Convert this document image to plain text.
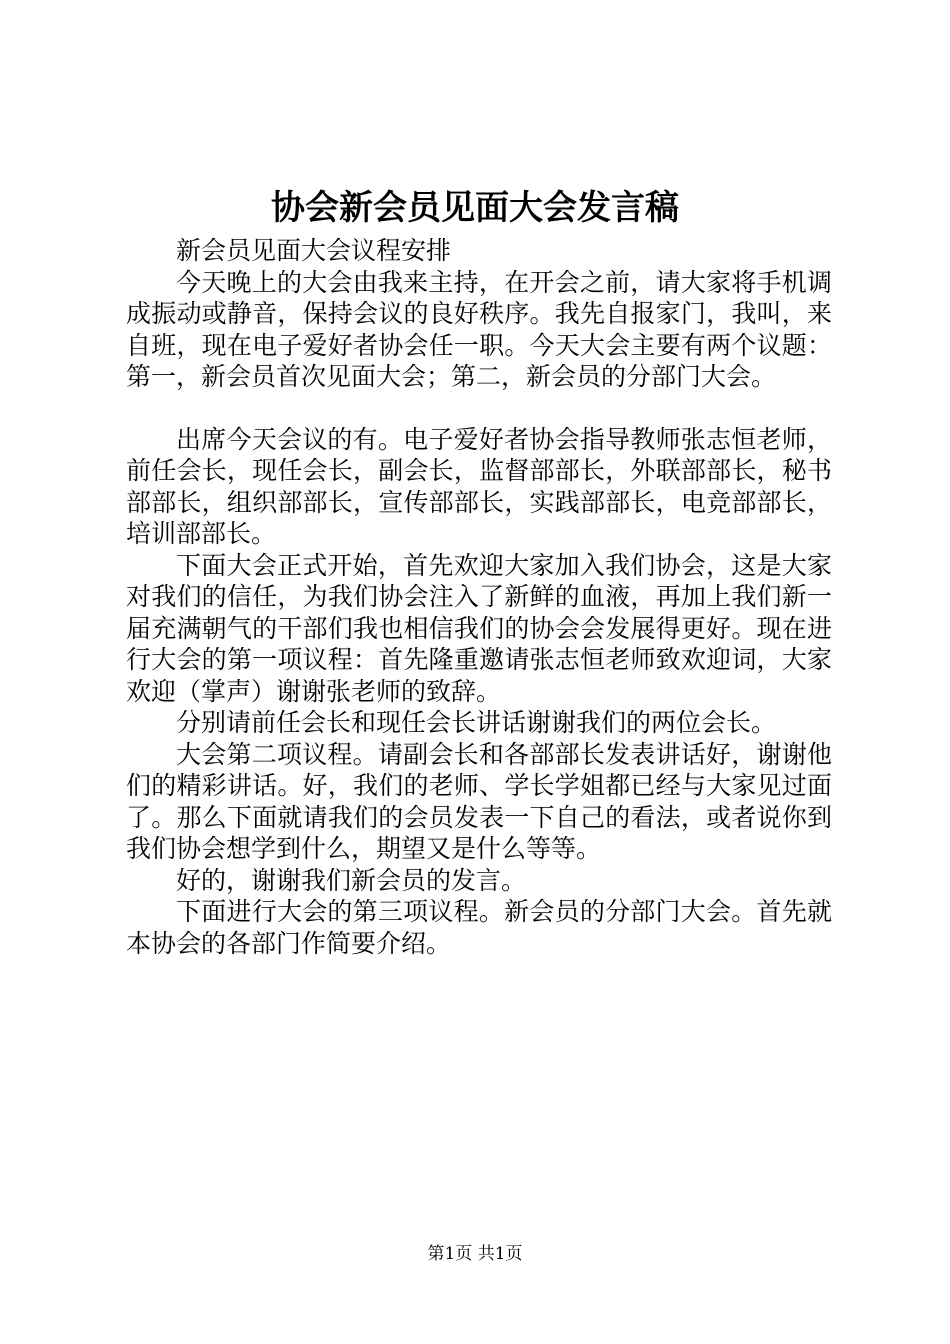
协会新会员见面大会发言稿

新会员见面大会议程安排

今天晚上的大会由我来主持，在开会之前，请大家将手机调成振动或静音，保持会议的良好秩序。我先自报家门，我叫，来自班，现在电子爱好者协会任一职。今天大会主要有两个议题：第一，新会员首次见面大会；第二，新会员的分部门大会。

出席今天会议的有。电子爱好者协会指导教师张志恒老师，前任会长，现任会长，副会长，监督部部长，外联部部长，秘书部部长，组织部部长，宣传部部长，实践部部长，电竞部部长，培训部部长。

下面大会正式开始，首先欢迎大家加入我们协会，这是大家对我们的信任，为我们协会注入了新鲜的血液，再加上我们新一届充满朝气的干部们我也相信我们的协会会发展得更好。现在进行大会的第一项议程：首先隆重邀请张志恒老师致欢迎词，大家欢迎（掌声）谢谢张老师的致辞。

分别请前任会长和现任会长讲话谢谢我们的两位会长。

大会第二项议程。请副会长和各部部长发表讲话好，谢谢他们的精彩讲话。好，我们的老师、学长学姐都已经与大家见过面了。那么下面就请我们的会员发表一下自己的看法，或者说你到我们协会想学到什么，期望又是什么等等。

好的，谢谢我们新会员的发言。

下面进行大会的第三项议程。新会员的分部门大会。首先就本协会的各部门作简要介绍。

第1页 共1页
